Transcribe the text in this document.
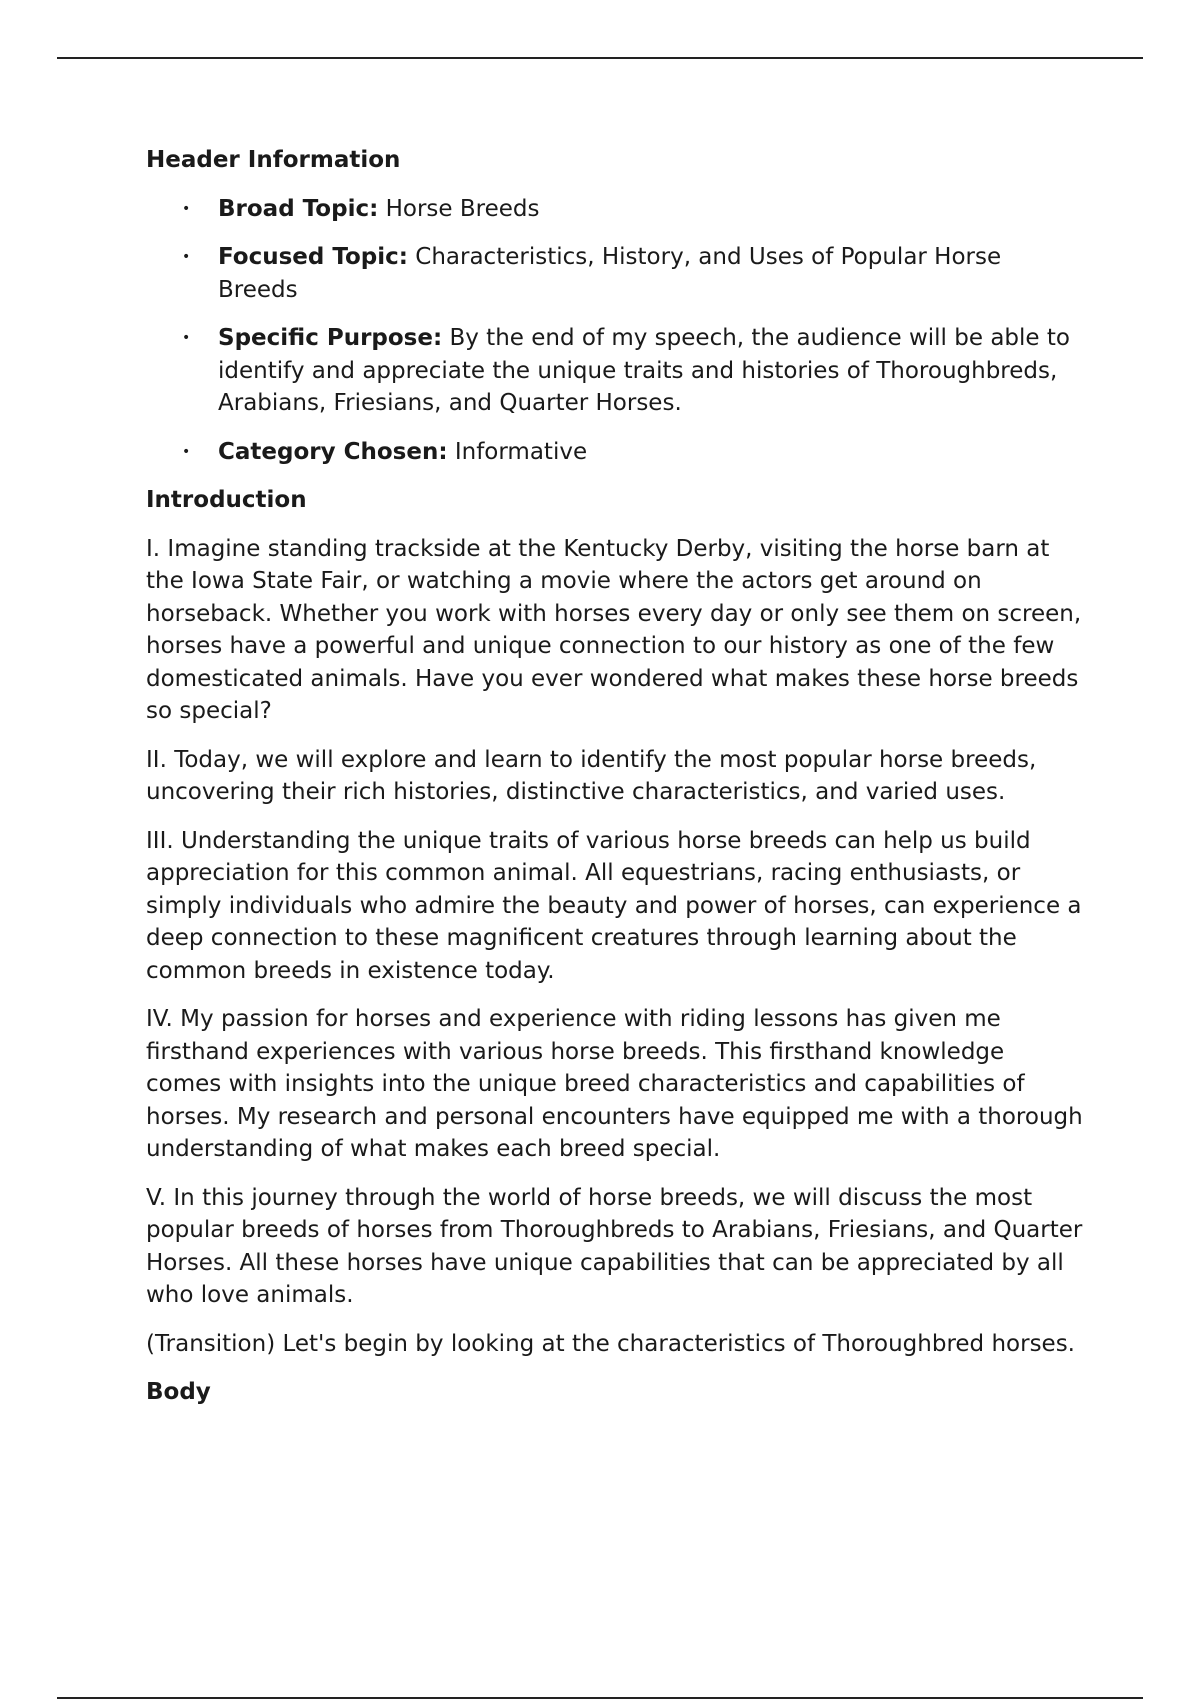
Header Information
• Broad Topic: Horse Breeds
• Focused Topic: Characteristics, History, and Uses of Popular Horse Breeds
• Specific Purpose: By the end of my speech, the audience will be able to identify and appreciate the unique traits and histories of Thoroughbreds, Arabians, Friesians, and Quarter Horses.
• Category Chosen: Informative
Introduction

I. Imagine standing trackside at the Kentucky Derby, visiting the horse barn at the Iowa State Fair, or watching a movie where the actors get around on horseback. Whether you work with horses every day or only see them on screen, horses have a powerful and unique connection to our history as one of the few domesticated animals. Have you ever wondered what makes these horse breeds so special?

II. Today, we will explore and learn to identify the most popular horse breeds, uncovering their rich histories, distinctive characteristics, and varied uses.

III. Understanding the unique traits of various horse breeds can help us build appreciation for this common animal. All equestrians, racing enthusiasts, or simply individuals who admire the beauty and power of horses, can experience a deep connection to these magnificent creatures through learning about the common breeds in existence today.

IV. My passion for horses and experience with riding lessons has given me firsthand experiences with various horse breeds. This firsthand knowledge comes with insights into the unique breed characteristics and capabilities of horses. My research and personal encounters have equipped me with a thorough understanding of what makes each breed special.

V. In this journey through the world of horse breeds, we will discuss the most popular breeds of horses from Thoroughbreds to Arabians, Friesians, and Quarter Horses. All these horses have unique capabilities that can be appreciated by all who love animals.

(Transition) Let's begin by looking at the characteristics of Thoroughbred horses.

Body
